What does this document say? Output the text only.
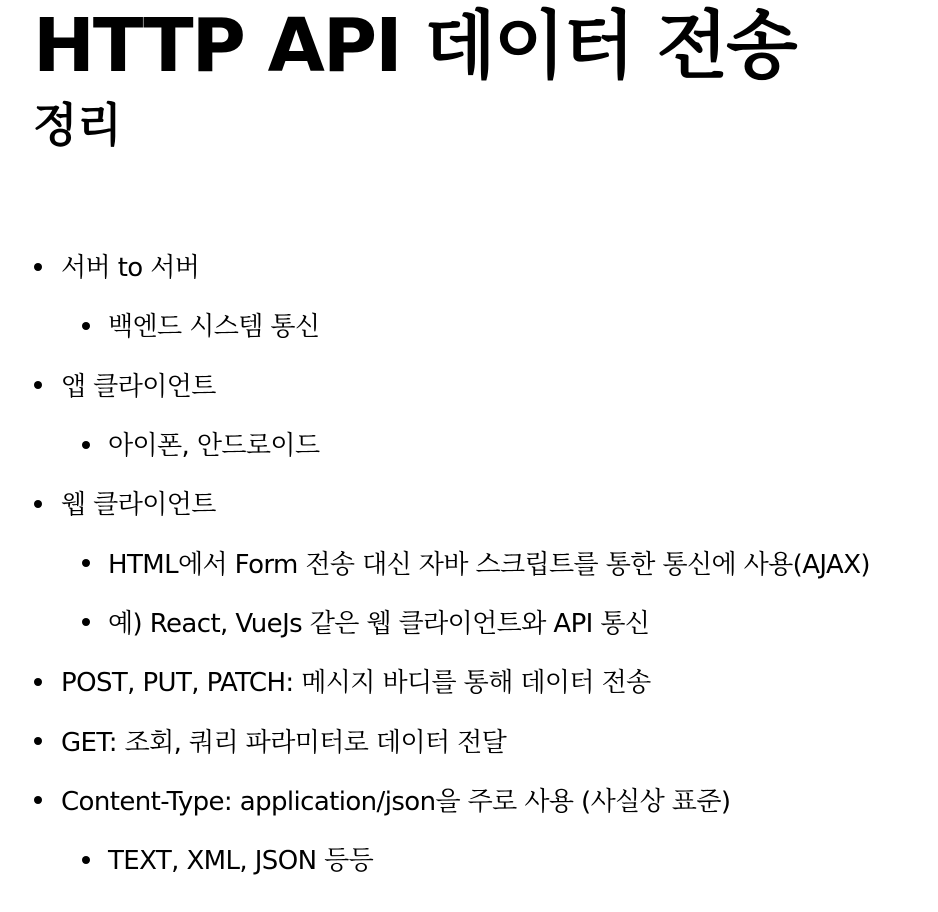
HTTP API 데이터 전송
정리
서버 to 서버
백엔드 시스템 통신
앱 클라이언트
아이폰, 안드로이드
웹 클라이언트
HTML에서 Form 전송 대신 자바 스크립트를 통한 통신에 사용(AJAX)
예) React, VueJs 같은 웹 클라이언트와 API 통신
POST, PUT, PATCH: 메시지 바디를 통해 데이터 전송
GET: 조회, 쿼리 파라미터로 데이터 전달
Content-Type: application/json을 주로 사용 (사실상 표준)
TEXT, XML, JSON 등등
